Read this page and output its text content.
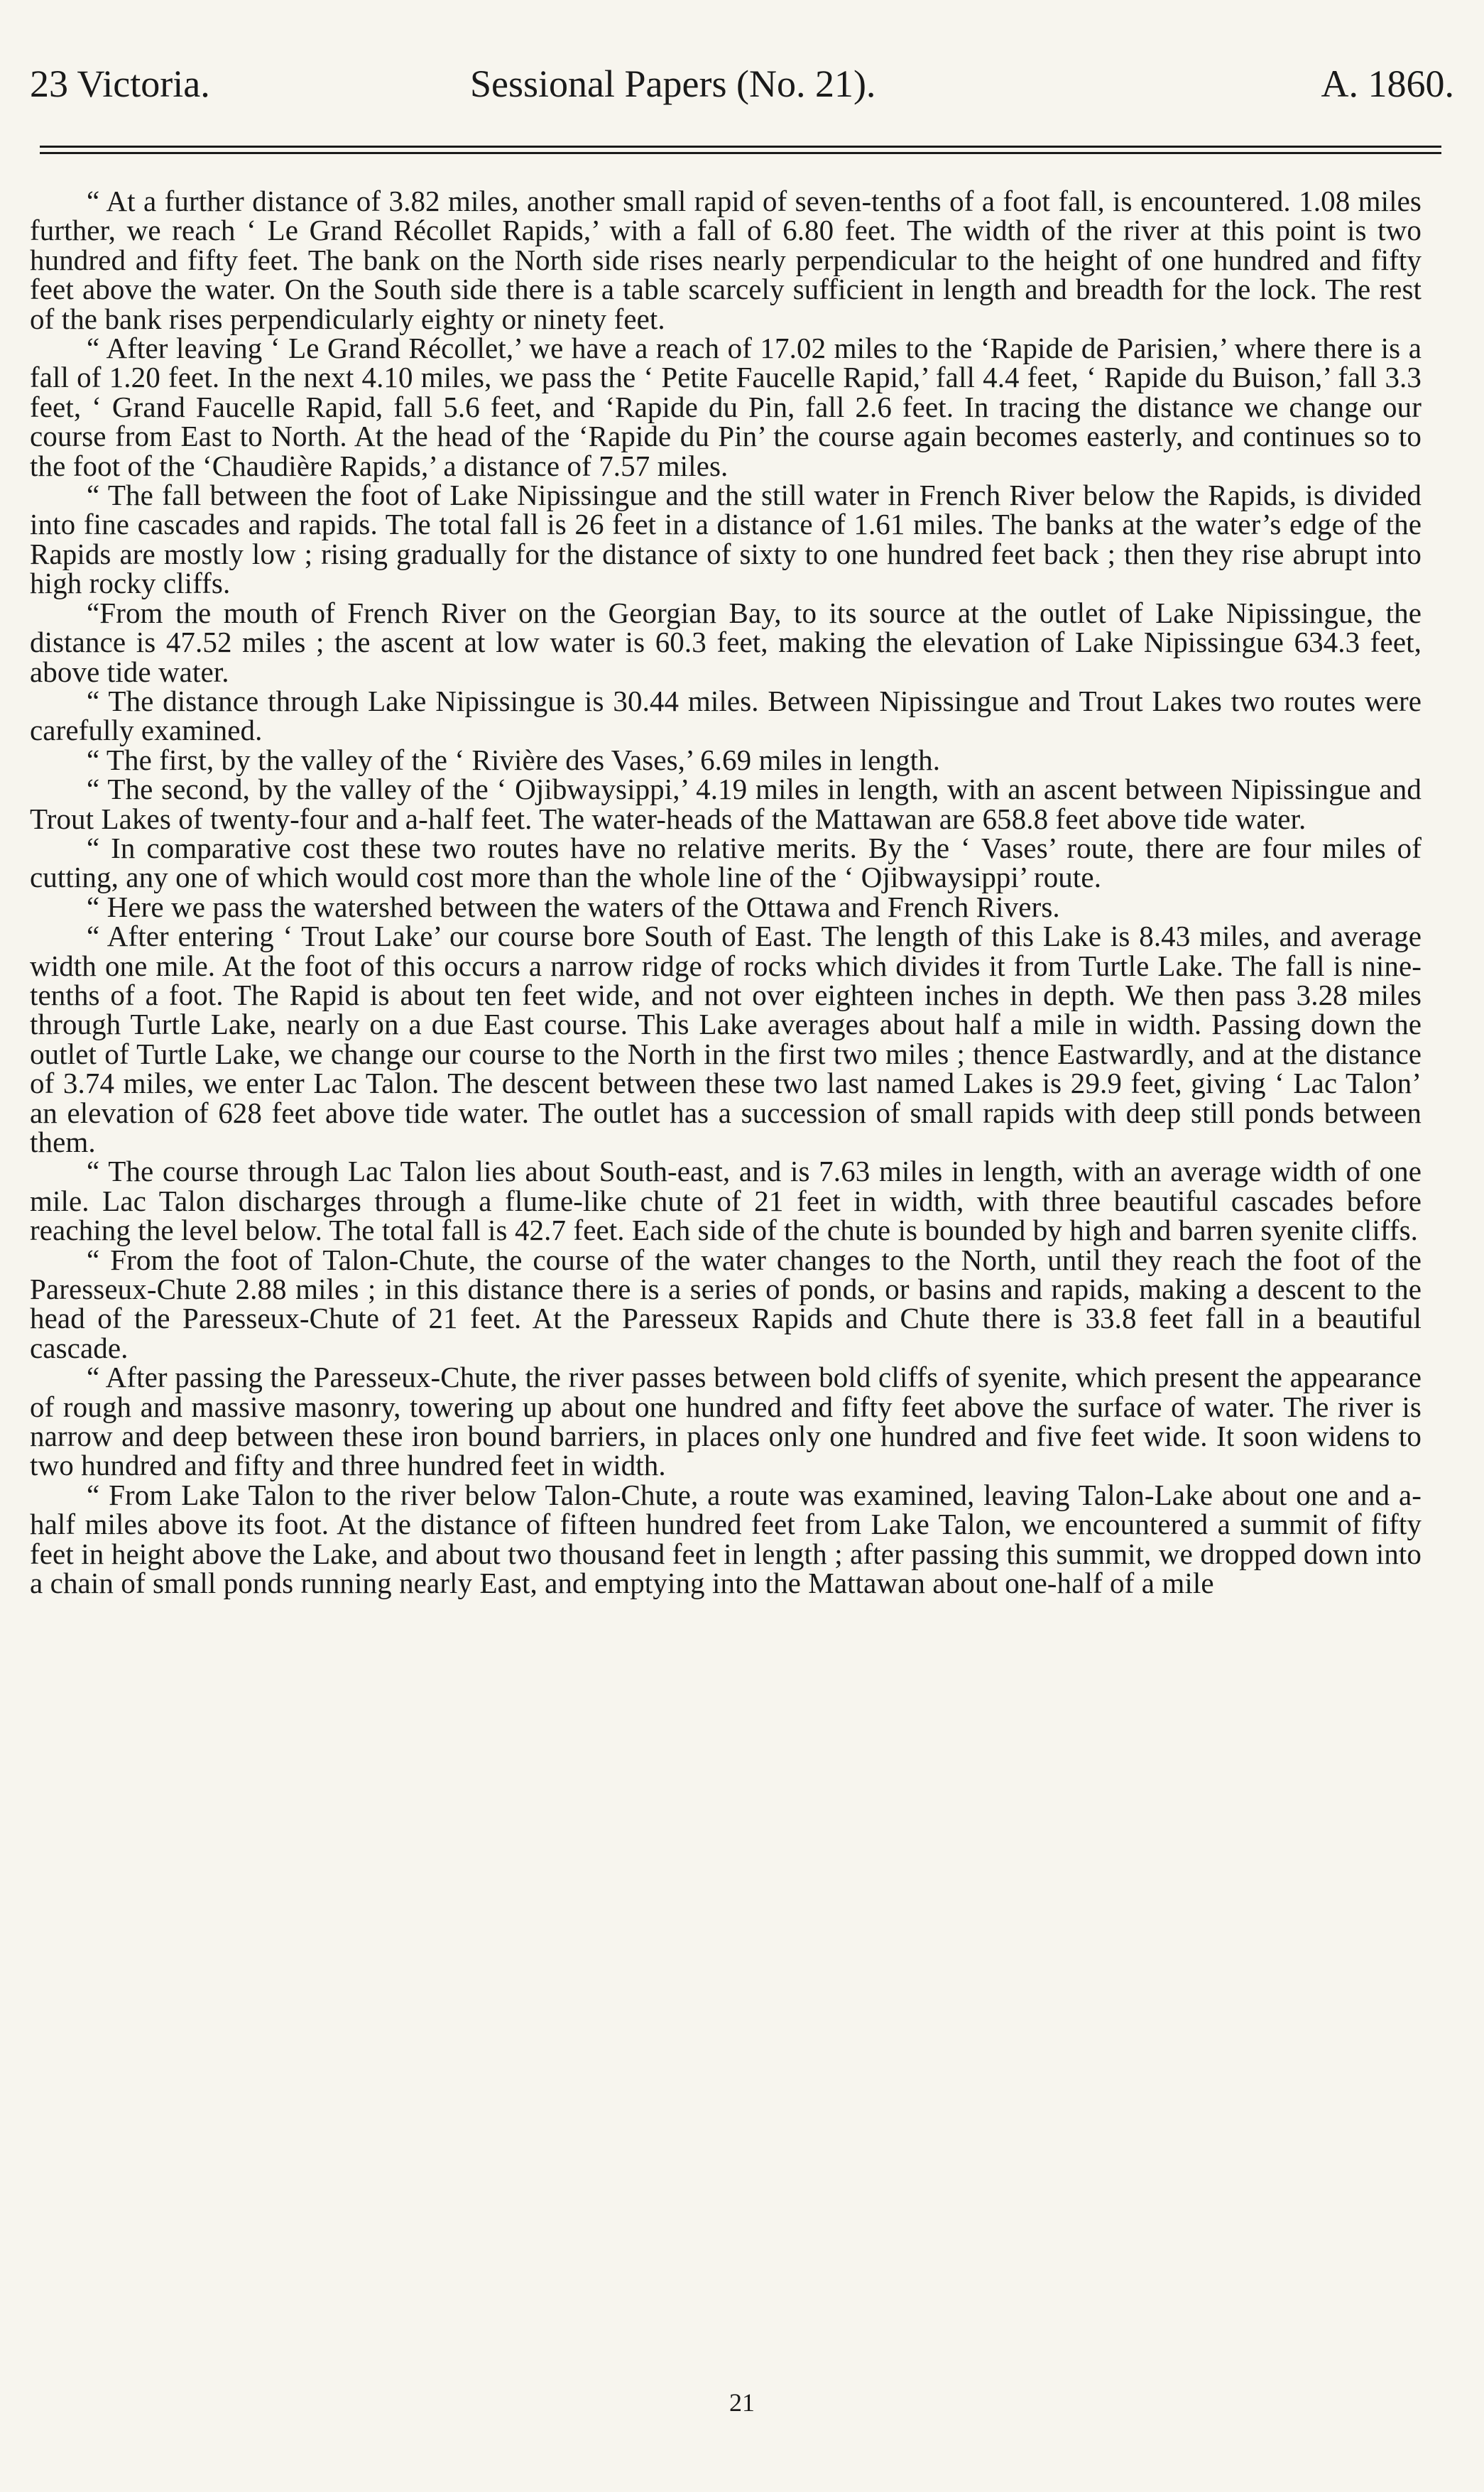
23 Victoria.	Sessional Papers (No. 21).	A. 1860.

“ At a further distance of 3.82 miles, another small rapid of seven-tenths of a foot fall, is encountered. 1.08 miles further, we reach ‘ Le Grand Récollet Rapids,’ with a fall of 6.80 feet. The width of the river at this point is two hundred and fifty feet. The bank on the North side rises nearly perpendicular to the height of one hundred and fifty feet above the water. On the South side there is a table scarcely sufficient in length and breadth for the lock. The rest of the bank rises perpendicularly eighty or ninety feet.

“ After leaving ‘ Le Grand Récollet,’ we have a reach of 17.02 miles to the ‘Rapide de Parisien,’ where there is a fall of 1.20 feet. In the next 4.10 miles, we pass the ‘ Petite Faucelle Rapid,’ fall 4.4 feet, ‘ Rapide du Buison,’ fall 3.3 feet, ‘ Grand Faucelle Rapid, fall 5.6 feet, and ‘Rapide du Pin, fall 2.6 feet. In tracing the distance we change our course from East to North. At the head of the ‘Rapide du Pin’ the course again becomes easterly, and continues so to the foot of the ‘Chaudière Rapids,’ a distance of 7.57 miles.

“ The fall between the foot of Lake Nipissingue and the still water in French River below the Rapids, is divided into fine cascades and rapids. The total fall is 26 feet in a distance of 1.61 miles. The banks at the water’s edge of the Rapids are mostly low ; rising gradually for the distance of sixty to one hundred feet back ; then they rise abrupt into high rocky cliffs.

“From the mouth of French River on the Georgian Bay, to its source at the outlet of Lake Nipissingue, the distance is 47.52 miles ; the ascent at low water is 60.3 feet, making the elevation of Lake Nipissingue 634.3 feet, above tide water.

“ The distance through Lake Nipissingue is 30.44 miles. Between Nipissingue and Trout Lakes two routes were carefully examined.

“ The first, by the valley of the ‘ Rivière des Vases,’ 6.69 miles in length.

“ The second, by the valley of the ‘ Ojibwaysippi,’ 4.19 miles in length, with an ascent between Nipissingue and Trout Lakes of twenty-four and a-half feet. The water-heads of the Mattawan are 658.8 feet above tide water.

“ In comparative cost these two routes have no relative merits. By the ‘ Vases’ route, there are four miles of cutting, any one of which would cost more than the whole line of the ‘ Ojibwaysippi’ route.

“ Here we pass the watershed between the waters of the Ottawa and French Rivers.

“ After entering ‘ Trout Lake’ our course bore South of East. The length of this Lake is 8.43 miles, and average width one mile. At the foot of this occurs a narrow ridge of rocks which divides it from Turtle Lake. The fall is nine-tenths of a foot. The Rapid is about ten feet wide, and not over eighteen inches in depth. We then pass 3.28 miles through Turtle Lake, nearly on a due East course. This Lake averages about half a mile in width. Passing down the outlet of Turtle Lake, we change our course to the North in the first two miles ; thence Eastwardly, and at the distance of 3.74 miles, we enter Lac Talon. The descent between these two last named Lakes is 29.9 feet, giving ‘ Lac Talon’ an elevation of 628 feet above tide water. The outlet has a succession of small rapids with deep still ponds between them.

“ The course through Lac Talon lies about South-east, and is 7.63 miles in length, with an average width of one mile. Lac Talon discharges through a flume-like chute of 21 feet in width, with three beautiful cascades before reaching the level below. The total fall is 42.7 feet. Each side of the chute is bounded by high and barren syenite cliffs.

“ From the foot of Talon-Chute, the course of the water changes to the North, until they reach the foot of the Paresseux-Chute 2.88 miles ; in this distance there is a series of ponds, or basins and rapids, making a descent to the head of the Paresseux-Chute of 21 feet. At the Paresseux Rapids and Chute there is 33.8 feet fall in a beautiful cascade.

“ After passing the Paresseux-Chute, the river passes between bold cliffs of syenite, which present the appearance of rough and massive masonry, towering up about one hundred and fifty feet above the surface of water. The river is narrow and deep between these iron bound barriers, in places only one hundred and five feet wide. It soon widens to two hundred and fifty and three hundred feet in width.

“ From Lake Talon to the river below Talon-Chute, a route was examined, leaving Talon-Lake about one and a-half miles above its foot. At the distance of fifteen hundred feet from Lake Talon, we encountered a summit of fifty feet in height above the Lake, and about two thousand feet in length ; after passing this summit, we dropped down into a chain of small ponds running nearly East, and emptying into the Mattawan about one-half of a mile

21
